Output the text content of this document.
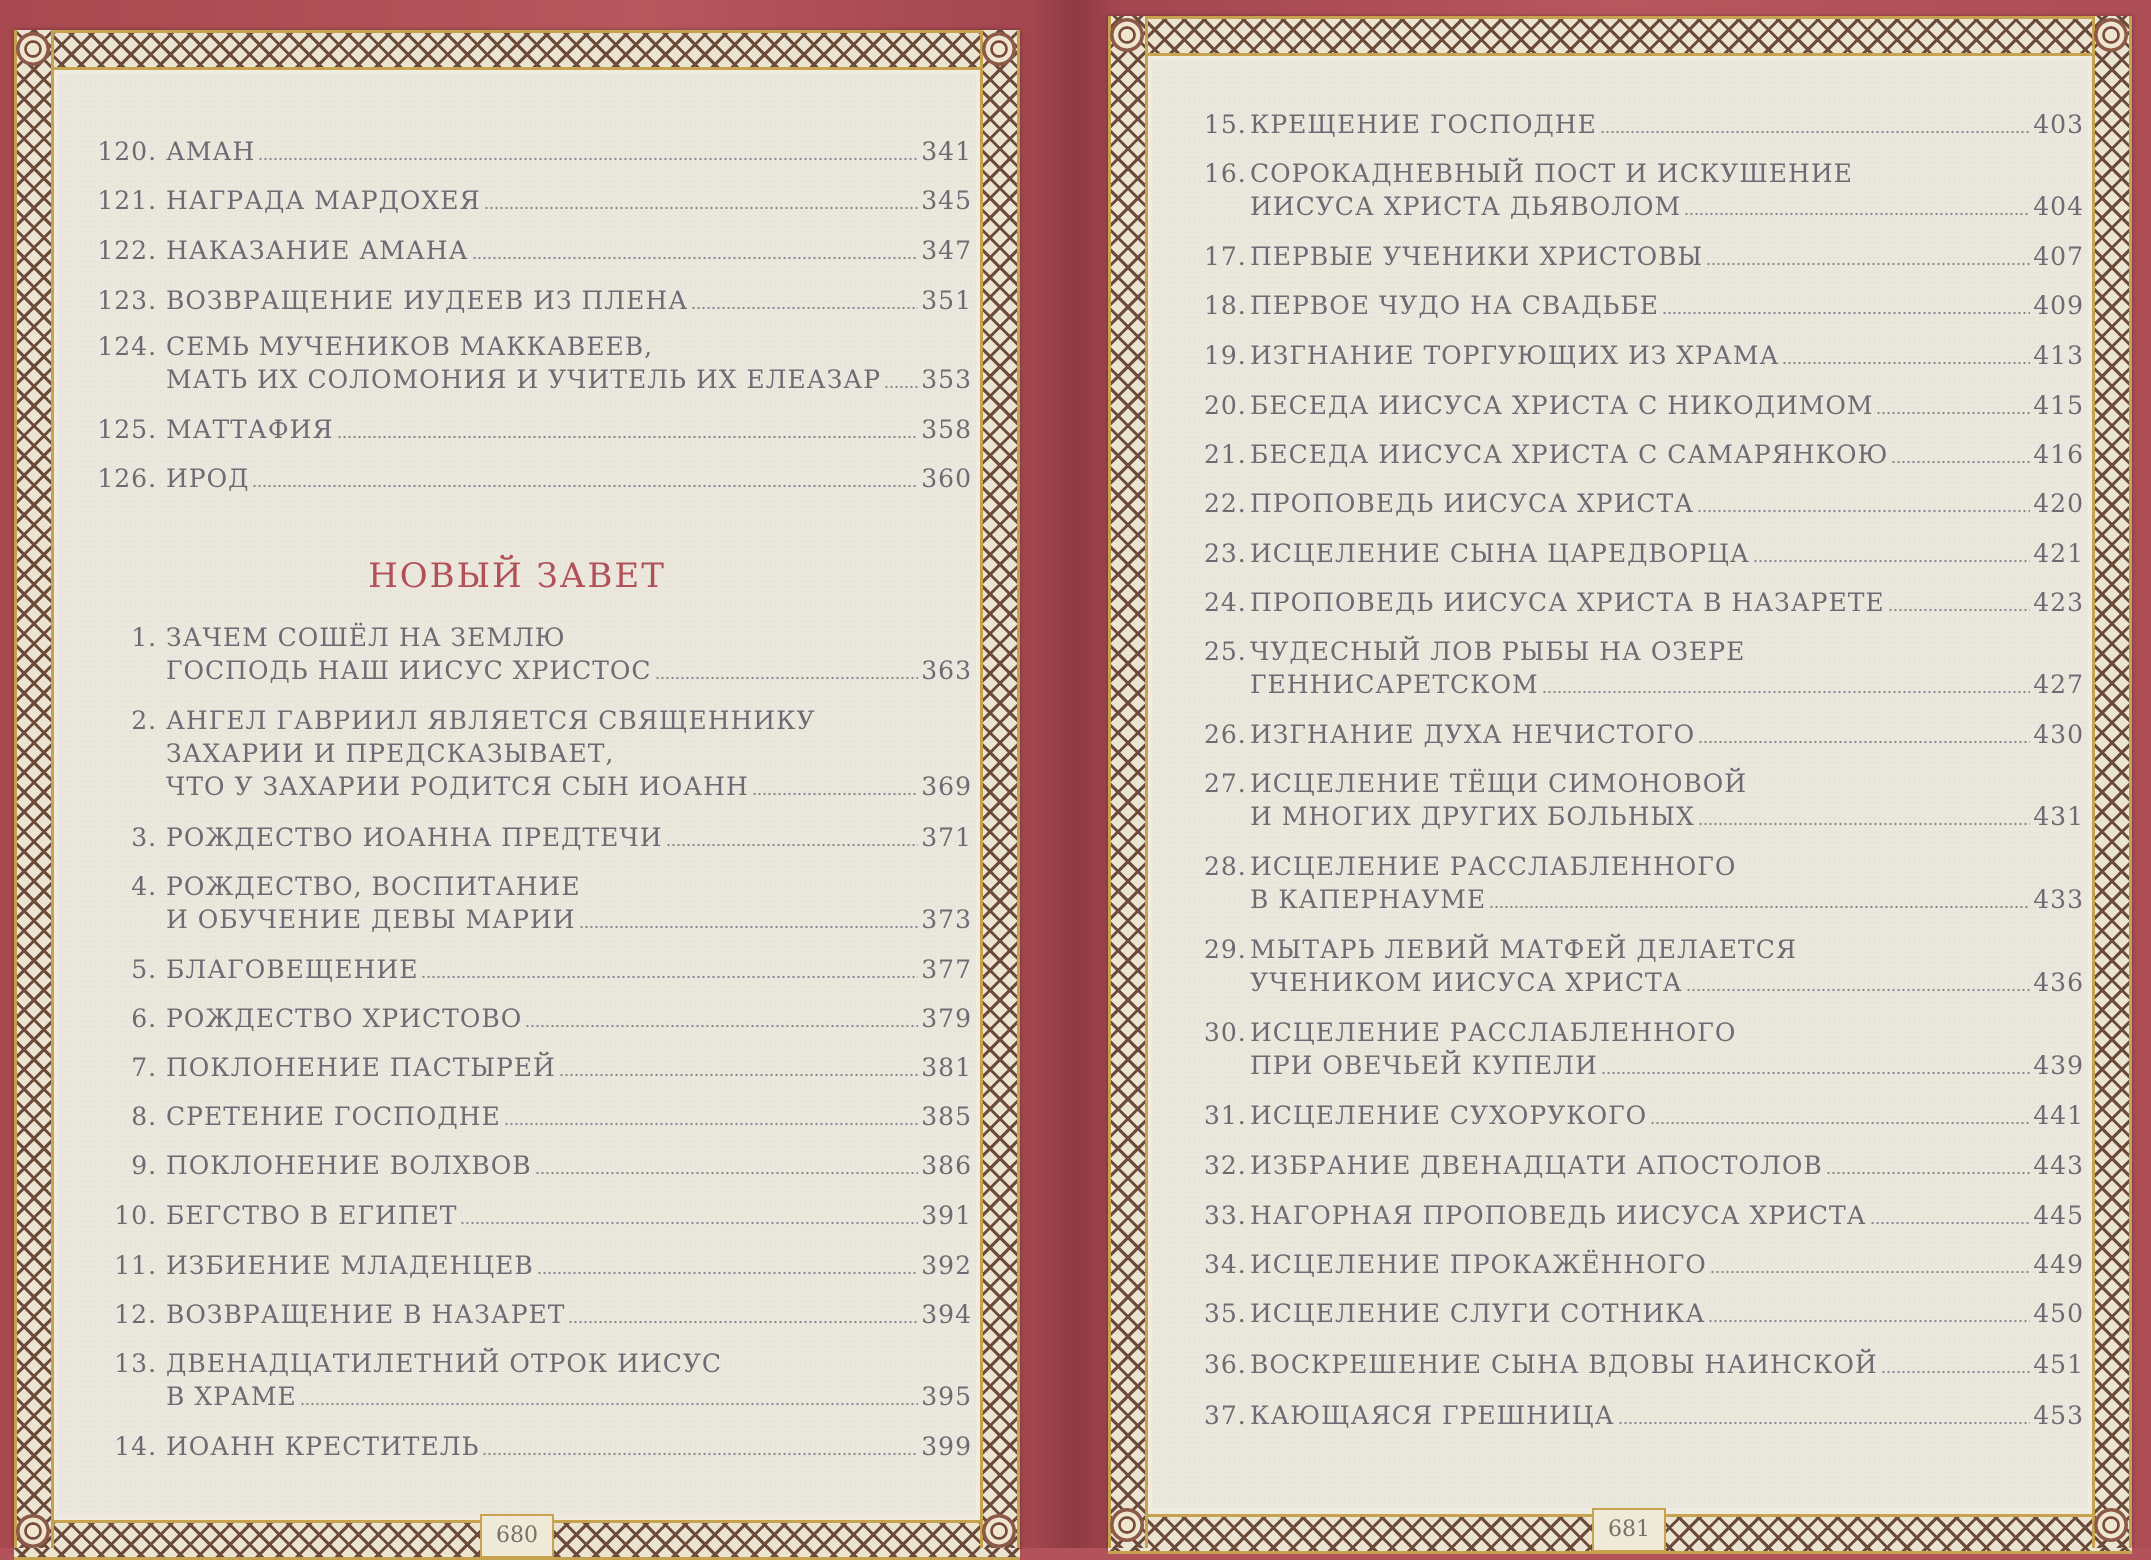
680
120. АМАН	341
121. НАГРАДА МАРДОХЕЯ	345
122. НАКАЗАНИЕ АМАНА	347
123. ВОЗВРАЩЕНИЕ ИУДЕЕВ ИЗ ПЛЕНА	351
124. СЕМЬ МУЧЕНИКОВ МАККАВЕЕВ,
МАТЬ ИХ СОЛОМОНИЯ И УЧИТЕЛЬ ИХ ЕЛЕАЗАР 353
125. МАТТАФИЯ	358
126. ИРОД	360
1. ЗАЧЕМ СОШЁЛ НА ЗЕМЛЮ
ГОСПОДЬ НАШ ИИСУС ХРИСТОС	363
2. АНГЕЛ ГАВРИИЛ ЯВЛЯЕТСЯ СВЯЩЕННИКУ
ЗАХАРИИ И ПРЕДСКАЗЫВАЕТ,
ЧТО У ЗАХАРИИ РОДИТСЯ СЫН ИОАНН	369
3. РОЖДЕСТВО ИОАННА ПРЕДТЕЧИ	371
4. РОЖДЕСТВО, ВОСПИТАНИЕ
И ОБУЧЕНИЕ ДЕВЫ МАРИИ	373
5. БЛАГОВЕЩЕНИЕ	377
6. РОЖДЕСТВО ХРИСТОВО	379
7. ПОКЛОНЕНИЕ ПАСТЫРЕЙ	381
8. СРЕТЕНИЕ ГОСПОДНЕ	385
9. ПОКЛОНЕНИЕ ВОЛХВОВ	386
10. БЕГСТВО В ЕГИПЕТ	391
11. ИЗБИЕНИЕ МЛАДЕНЦЕВ	392
12. ВОЗВРАЩЕНИЕ В НАЗАРЕТ	394
13. ДВЕНАДЦАТИЛЕТНИЙ ОТРОК ИИСУС
В ХРАМЕ	395
14. ИОАНН КРЕСТИТЕЛЬ	399
НОВЫЙ ЗАВЕТ
681
15.
КРЕЩЕНИЕ ГОСПОДНЕ	403
16. СОРОКАДНЕВНЫЙ ПОСТ И ИСКУШЕНИЕ
ИИСУСА ХРИСТА ДЬЯВОЛОМ	404
17.
ПЕРВЫЕ УЧЕНИКИ ХРИСТОВЫ	407
18.
ПЕРВОЕ ЧУДО НА СВАДЬБЕ	409
19.
ИЗГНАНИЕ ТОРГУЮЩИХ ИЗ ХРАМА	413
20.
БЕСЕДА ИИСУСА ХРИСТА С НИКОДИМОМ	415
21.
БЕСЕДА ИИСУСА ХРИСТА С САМАРЯНКОЮ	416
22.
ПРОПОВЕДЬ ИИСУСА ХРИСТА	420
23.
ИСЦЕЛЕНИЕ СЫНА ЦАРЕДВОРЦА	421
24.
ПРОПОВЕДЬ ИИСУСА ХРИСТА В НАЗАРЕТЕ	423
25. ЧУДЕСНЫЙ ЛОВ РЫБЫ НА ОЗЕРЕ
ГЕННИСАРЕТСКОМ	427
26.
ИЗГНАНИЕ ДУХА НЕЧИСТОГО	430
27. ИСЦЕЛЕНИЕ ТЁЩИ СИМОНОВОЙ
И МНОГИХ ДРУГИХ БОЛЬНЫХ	431
28. ИСЦЕЛЕНИЕ РАССЛАБЛЕННОГО
В КАПЕРНАУМЕ	433
29. МЫТАРЬ ЛЕВИЙ МАТФЕЙ ДЕЛАЕТСЯ
УЧЕНИКОМ ИИСУСА ХРИСТА	436
30. ИСЦЕЛЕНИЕ РАССЛАБЛЕННОГО
ПРИ ОВЕЧЬЕЙ КУПЕЛИ	439
31.
ИСЦЕЛЕНИЕ СУХОРУКОГО	441
32.
ИЗБРАНИЕ ДВЕНАДЦАТИ АПОСТОЛОВ	443
33.
НАГОРНАЯ ПРОПОВЕДЬ ИИСУСА ХРИСТА	445
34.
ИСЦЕЛЕНИЕ ПРОКАЖЁННОГО	449
35.
ИСЦЕЛЕНИЕ СЛУГИ СОТНИКА	450
36.
ВОСКРЕШЕНИЕ СЫНА ВДОВЫ НАИНСКОЙ	451
37.
КАЮЩАЯСЯ ГРЕШНИЦА	453
